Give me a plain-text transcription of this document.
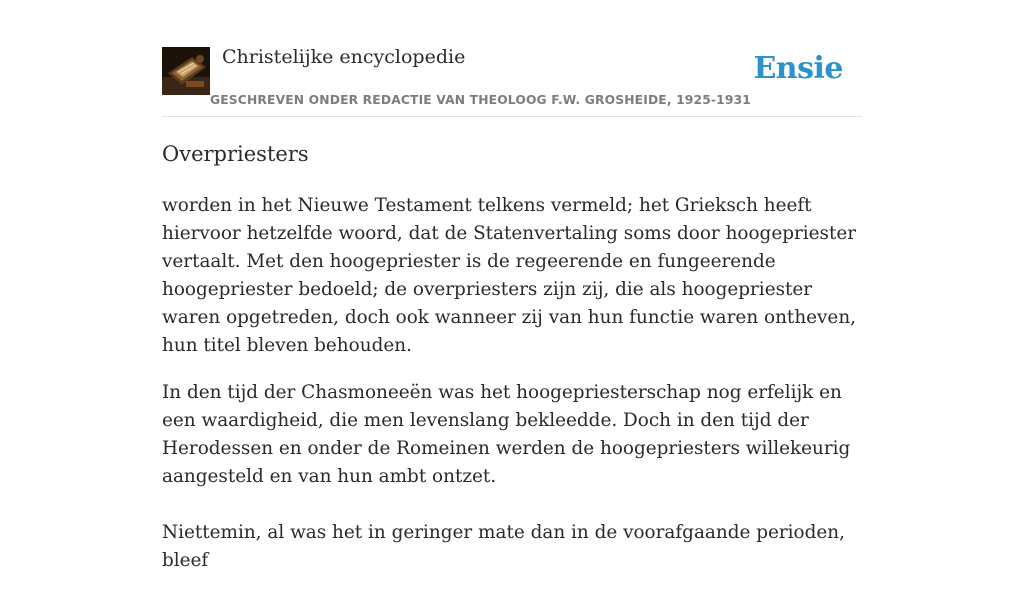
Christelijke encyclopedie
GESCHREVEN ONDER REDACTIE VAN THEOLOOG F.W. GROSHEIDE, 1925-1931
Ensie
Overpriesters

worden in het Nieuwe Testament telkens vermeld; het Grieksch heeft hiervoor hetzelfde woord, dat de Statenvertaling soms door hoogepriester vertaalt. Met den hoogepriester is de regeerende en fungeerende hoogepriester bedoeld; de overpriesters zijn zij, die als hoogepriester waren opgetreden, doch ook wanneer zij van hun functie waren ontheven, hun titel bleven behouden.

In den tijd der Chasmoneeën was het hoogepriesterschap nog erfelijk en een waardigheid, die men levenslang bekleedde. Doch in den tijd der Herodessen en onder de Romeinen werden de hoogepriesters willekeurig aangesteld en van hun ambt ontzet.

Niettemin, al was het in geringer mate dan in de voorafgaande perioden, bleef
